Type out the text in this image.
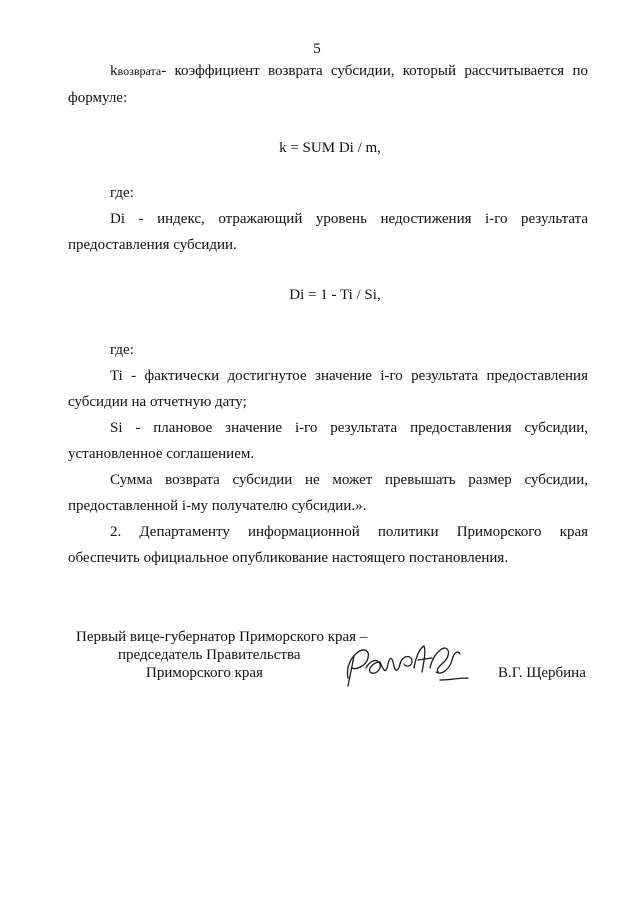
5
kвозврата- коэффициент возврата субсидии, который рассчитывается по
формуле:
k = SUM Di / m,
где:
Di - индекс, отражающий уровень недостижения i-го результата
предоставления субсидии.
Di = 1 - Ti / Si,
где:
Ti - фактически достигнутое значение i-го результата предоставления
субсидии на отчетную дату;
Si - плановое значение i-го результата предоставления субсидии,
установленное соглашением.
Сумма возврата субсидии не может превышать размер субсидии,
предоставленной i-му получателю субсидии.».
2. Департаменту информационной политики Приморского края
обеспечить официальное опубликование настоящего постановления.
Первый вице-губернатор Приморского края –
председатель Правительства
Приморского края	В.Г. Щербина
